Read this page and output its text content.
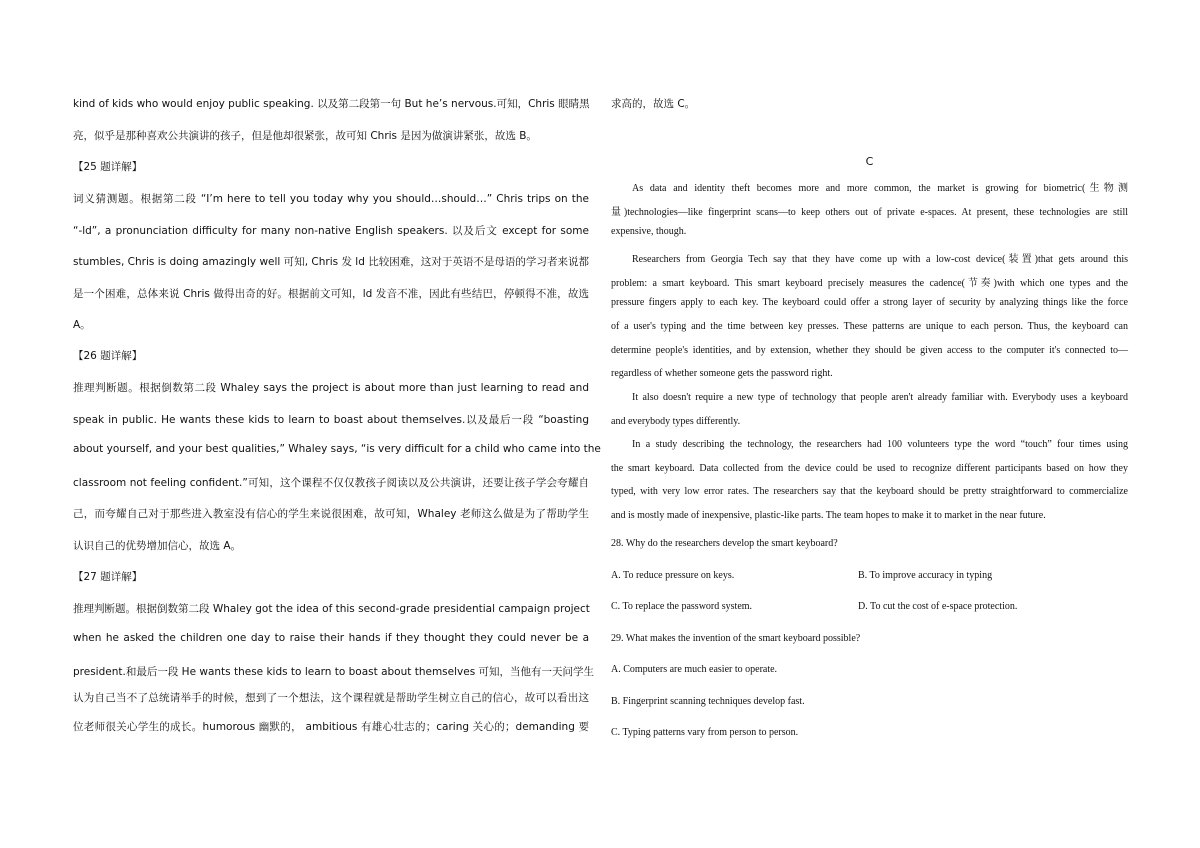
kind of kids who would enjoy public speaking. 以及第二段第一句 But he’s nervous.可知，Chris 眼睛黑
亮，似乎是那种喜欢公共演讲的孩子，但是他却很紧张，故可知 Chris 是因为做演讲紧张，故选 B。
【25 题详解】
词义猜测题。根据第二段 “I’m here to tell you today why you should…should…” Chris trips on the
“-ld”, a pronunciation difficulty for many non-native English speakers. 以及后文 except for some
stumbles, Chris is doing amazingly well 可知, Chris 发 ld 比较困难，这对于英语不是母语的学习者来说都
是一个困难，总体来说 Chris 做得出奇的好。根据前文可知，ld 发音不准，因此有些结巴，停顿得不准，故选
A。
【26 题详解】
推理判断题。根据倒数第二段 Whaley says the project is about more than just learning to read and
speak in public. He wants these kids to learn to boast about themselves.以及最后一段 “boasting
about yourself, and your best qualities,” Whaley says, “is very difficult for a child who came into the
classroom not feeling confident.”可知，这个课程不仅仅教孩子阅读以及公共演讲，还要让孩子学会夸耀自
己，而夸耀自己对于那些进入教室没有信心的学生来说很困难，故可知，Whaley 老师这么做是为了帮助学生
认识自己的优势增加信心，故选 A。
【27 题详解】
推理判断题。根据倒数第二段 Whaley got the idea of this second-grade presidential campaign project
when he asked the children one day to raise their hands if they thought they could never be a
president.和最后一段 He wants these kids to learn to boast about themselves 可知，当他有一天问学生
认为自己当不了总统请举手的时候，想到了一个想法，这个课程就是帮助学生树立自己的信心，故可以看出这
位老师很关心学生的成长。humorous 幽默的， ambitious 有雄心壮志的；caring 关心的；demanding 要
求高的，故选 C。
C
As data and identity theft becomes more and more common, the market is growing for biometric(生物测
量)technologies—like fingerprint scans—to keep others out of private e-spaces. At present, these technologies are still
expensive, though.
Researchers from Georgia Tech say that they have come up with a low-cost device(装置)that gets around this
problem: a smart keyboard. This smart keyboard precisely measures the cadence(节奏)with which one types and the
pressure fingers apply to each key. The keyboard could offer a strong layer of security by analyzing things like the force
of a user's typing and the time between key presses. These patterns are unique to each person. Thus, the keyboard can
determine people's identities, and by extension, whether they should be given access to the computer it's connected to—
regardless of whether someone gets the password right.
It also doesn't require a new type of technology that people aren't already familiar with. Everybody uses a keyboard
and everybody types differently.
In a study describing the technology, the researchers had 100 volunteers type the word “touch” four times using
the smart keyboard. Data collected from the device could be used to recognize different participants based on how they
typed, with very low error rates. The researchers say that the keyboard should be pretty straightforward to commercialize
and is mostly made of inexpensive, plastic-like parts. The team hopes to make it to market in the near future.
28. Why do the researchers develop the smart keyboard?
A. To reduce pressure on keys.	B. To improve accuracy in typing
C. To replace the password system.	D. To cut the cost of e-space protection.
29. What makes the invention of the smart keyboard possible?
A. Computers are much easier to operate.
B. Fingerprint scanning techniques develop fast.
C. Typing patterns vary from person to person.
